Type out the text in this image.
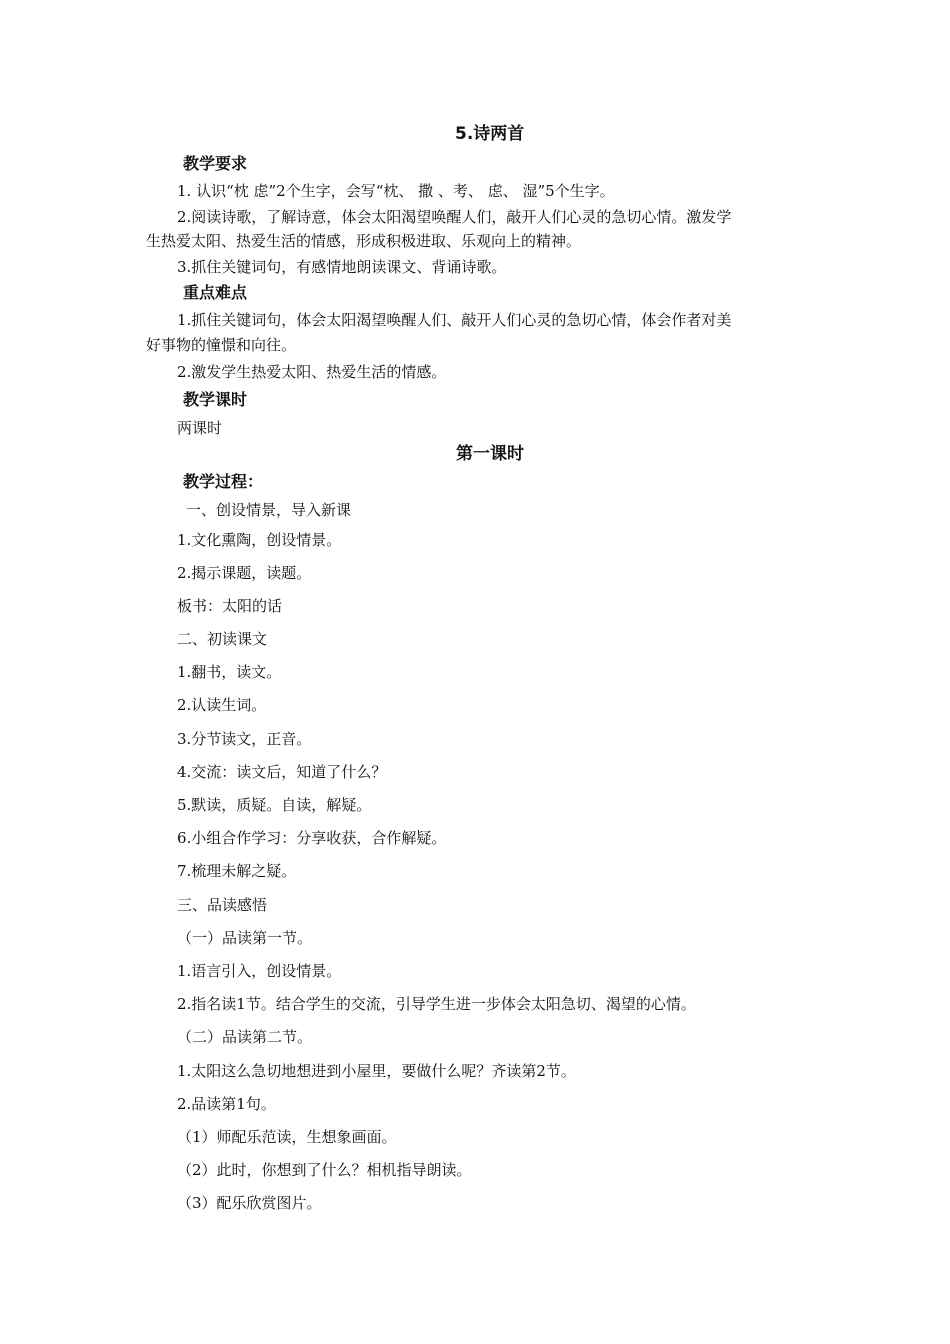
5.诗两首
教学要求
1. 认识“枕 虑”2个生字，会写“枕、 撒 、考、 虑、 湿”5个生字。
2.阅读诗歌，了解诗意，体会太阳渴望唤醒人们，敲开人们心灵的急切心情。激发学
生热爱太阳、热爱生活的情感，形成积极进取、乐观向上的精神。
3.抓住关键词句，有感情地朗读课文、背诵诗歌。
重点难点
1.抓住关键词句，体会太阳渴望唤醒人们、敲开人们心灵的急切心情，体会作者对美
好事物的憧憬和向往。
2.激发学生热爱太阳、热爱生活的情感。
教学课时
两课时
第一课时
教学过程：
一、创设情景，导入新课
1.文化熏陶，创设情景。
2.揭示课题，读题。
板书：太阳的话
二、初读课文
1.翻书，读文。
2.认读生词。
3.分节读文，正音。
4.交流：读文后，知道了什么？
5.默读，质疑。自读，解疑。
6.小组合作学习：分享收获，合作解疑。
7.梳理未解之疑。
三、品读感悟
（一）品读第一节。
1.语言引入，创设情景。
2.指名读1节。结合学生的交流，引导学生进一步体会太阳急切、渴望的心情。
（二）品读第二节。
1.太阳这么急切地想进到小屋里，要做什么呢？齐读第2节。
2.品读第1句。
（1）师配乐范读，生想象画面。
（2）此时，你想到了什么？相机指导朗读。
（3）配乐欣赏图片。
